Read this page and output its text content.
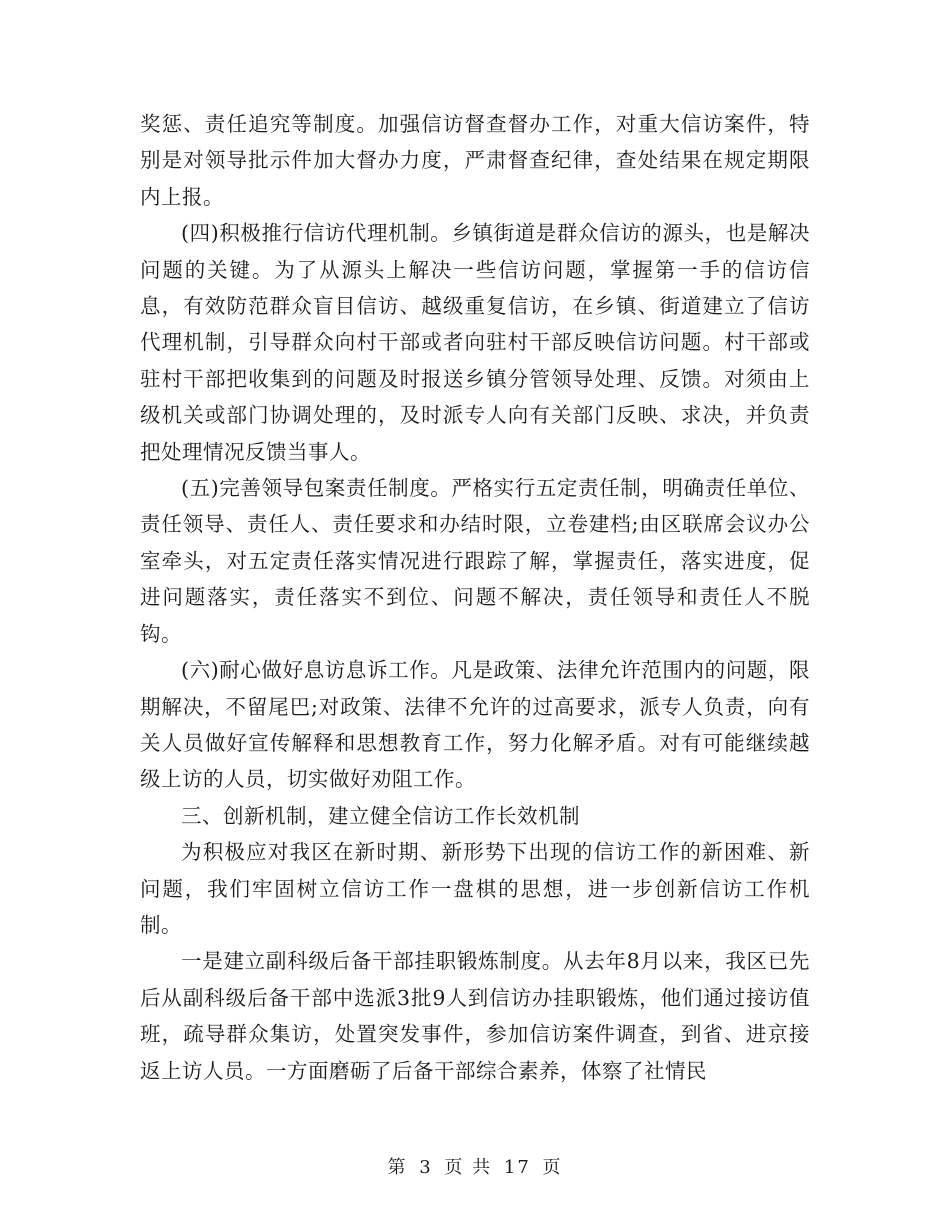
奖惩、责任追究等制度。加强信访督查督办工作，对重大信访案件，特别是对领导批示件加大督办力度，严肃督查纪律，查处结果在规定期限内上报。

(四)积极推行信访代理机制。乡镇街道是群众信访的源头，也是解决问题的关键。为了从源头上解决一些信访问题，掌握第一手的信访信息，有效防范群众盲目信访、越级重复信访，在乡镇、街道建立了信访代理机制，引导群众向村干部或者向驻村干部反映信访问题。村干部或驻村干部把收集到的问题及时报送乡镇分管领导处理、反馈。对须由上级机关或部门协调处理的，及时派专人向有关部门反映、求决，并负责把处理情况反馈当事人。

(五)完善领导包案责任制度。严格实行五定责任制，明确责任单位、责任领导、责任人、责任要求和办结时限，立卷建档;由区联席会议办公室牵头，对五定责任落实情况进行跟踪了解，掌握责任，落实进度，促进问题落实，责任落实不到位、问题不解决，责任领导和责任人不脱钩。

(六)耐心做好息访息诉工作。凡是政策、法律允许范围内的问题，限期解决，不留尾巴;对政策、法律不允许的过高要求，派专人负责，向有关人员做好宣传解释和思想教育工作，努力化解矛盾。对有可能继续越级上访的人员，切实做好劝阻工作。

三、创新机制，建立健全信访工作长效机制

为积极应对我区在新时期、新形势下出现的信访工作的新困难、新问题，我们牢固树立信访工作一盘棋的思想，进一步创新信访工作机制。

一是建立副科级后备干部挂职锻炼制度。从去年8月以来，我区已先后从副科级后备干部中选派3批9人到信访办挂职锻炼，他们通过接访值班，疏导群众集访，处置突发事件，参加信访案件调查，到省、进京接返上访人员。一方面磨砺了后备干部综合素养，体察了社情民

第 3 页 共 17 页
